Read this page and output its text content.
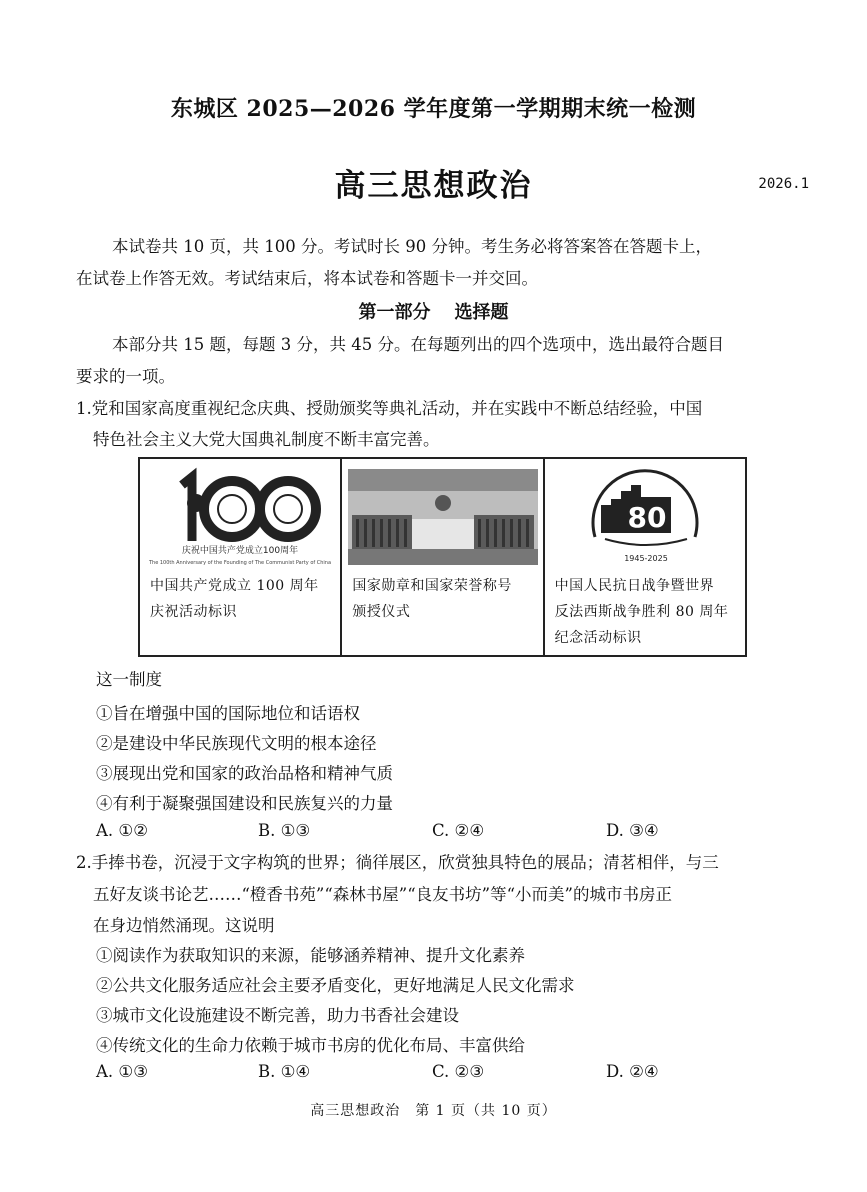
东城区 2025—2026 学年度第一学期期末统一检测
高三思想政治	2026.1
本试卷共 10 页，共 100 分。考试时长 90 分钟。考生务必将答案答在答题卡上，
在试卷上作答无效。考试结束后，将本试卷和答题卡一并交回。
第一部分 选择题
本部分共 15 题，每题 3 分，共 45 分。在每题列出的四个选项中，选出最符合题目
要求的一项。
1.党和国家高度重视纪念庆典、授勋颁奖等典礼活动，并在实践中不断总结经验，中国
特色社会主义大党大国典礼制度不断丰富完善。
庆祝中国共产党成立100周年
The 100th Anniversary of the Founding of The Communist Party of China
中国共产党成立 100 周年
庆祝活动标识
国家勋章和国家荣誉称号
颁授仪式
80
1945-2025
中国人民抗日战争暨世界
反法西斯战争胜利 80 周年
纪念活动标识
这一制度
①旨在增强中国的国际地位和话语权
②是建设中华民族现代文明的根本途径
③展现出党和国家的政治品格和精神气质
④有利于凝聚强国建设和民族复兴的力量
A. ①②	B. ①③	C. ②④	D. ③④
2.手捧书卷，沉浸于文字构筑的世界；徜徉展区，欣赏独具特色的展品；清茗相伴，与三
五好友谈书论艺……“橙香书苑”“森林书屋”“良友书坊”等“小而美”的城市书房正
在身边悄然涌现。这说明
①阅读作为获取知识的来源，能够涵养精神、提升文化素养
②公共文化服务适应社会主要矛盾变化，更好地满足人民文化需求
③城市文化设施建设不断完善，助力书香社会建设
④传统文化的生命力依赖于城市书房的优化布局、丰富供给
A. ①③	B. ①④	C. ②③	D. ②④
高三思想政治　第 1 页（共 10 页）
